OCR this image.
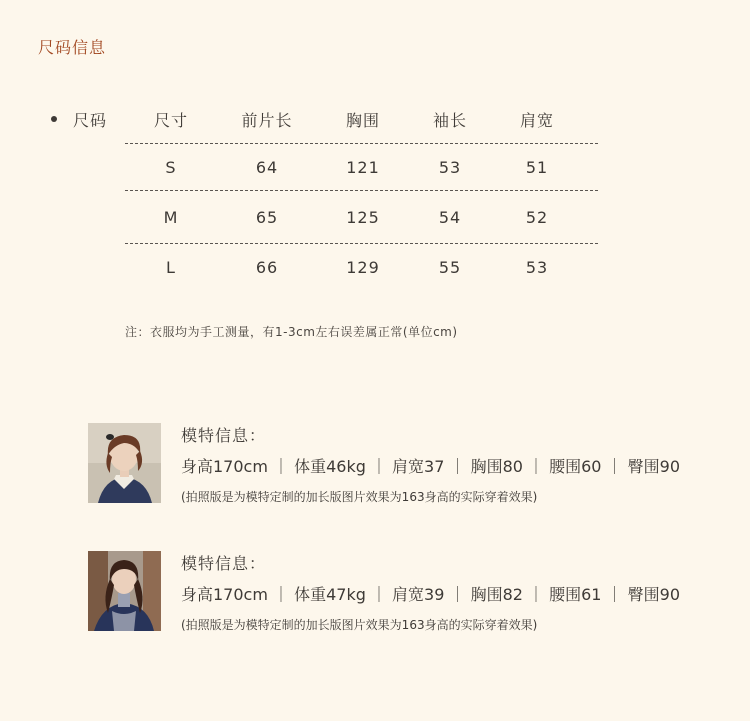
尺码信息
尺码	尺寸	前片长	胸围	袖长	肩宽
S	64	121	53	51
M	65	125	54	52
L	66	129	55	53
注：衣服均为手工测量，有1-3cm左右误差属正常(单位cm)
模特信息：
身高170cm ｜ 体重46kg ｜ 肩宽37 ｜ 胸围80 ｜ 腰围60 ｜ 臀围90
(拍照版是为模特定制的加长版图片效果为163身高的实际穿着效果)
模特信息：
身高170cm ｜ 体重47kg ｜ 肩宽39 ｜ 胸围82 ｜ 腰围61 ｜ 臀围90
(拍照版是为模特定制的加长版图片效果为163身高的实际穿着效果)
